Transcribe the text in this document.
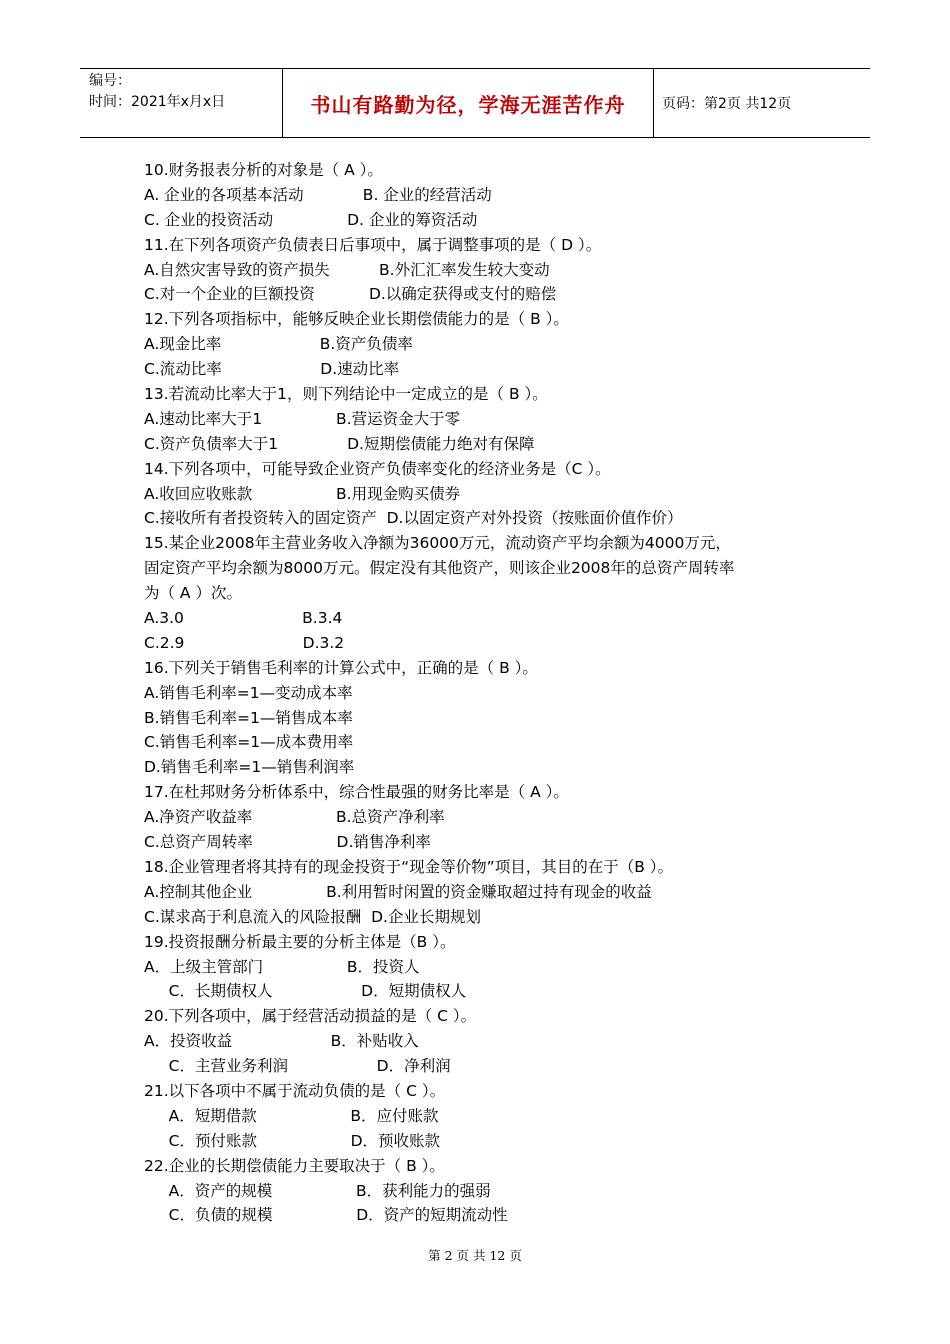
编号：
时间：2021年x月x日	书山有路勤为径，学海无涯苦作舟	页码：第2页 共12页
10.财务报表分析的对象是（ A ）。
A. 企业的各项基本活动            B. 企业的经营活动
C. 企业的投资活动               D. 企业的筹资活动
11.在下列各项资产负债表日后事项中，属于调整事项的是（ D ）。
A.自然灾害导致的资产损失          B.外汇汇率发生较大变动
C.对一个企业的巨额投资           D.以确定获得或支付的赔偿
12.下列各项指标中，能够反映企业长期偿债能力的是（ B ）。
A.现金比率                    B.资产负债率
C.流动比率                    D.速动比率
13.若流动比率大于1，则下列结论中一定成立的是（ B ）。
A.速动比率大于1               B.营运资金大于零
C.资产负债率大于1              D.短期偿债能力绝对有保障
14.下列各项中，可能导致企业资产负债率变化的经济业务是（C ）。
A.收回应收账款                 B.用现金购买债券
C.接收所有者投资转入的固定资产  D.以固定资产对外投资（按账面价值作价）
15.某企业2008年主营业务收入净额为36000万元，流动资产平均余额为4000万元，
固定资产平均余额为8000万元。假定没有其他资产，则该企业2008年的总资产周转率
为（ A ）次。
A.3.0                        B.3.4
C.2.9                        D.3.2
16.下列关于销售毛利率的计算公式中，正确的是（ B ）。
A.销售毛利率=1—变动成本率
B.销售毛利率=1—销售成本率
C.销售毛利率=1—成本费用率
D.销售毛利率=1—销售利润率
17.在杜邦财务分析体系中，综合性最强的财务比率是（ A ）。
A.净资产收益率                 B.总资产净利率
C.总资产周转率                 D.销售净利率
18.企业管理者将其持有的现金投资于“现金等价物”项目，其目的在于（B ）。
A.控制其他企业               B.利用暂时闲置的资金赚取超过持有现金的收益
C.谋求高于利息流入的风险报酬  D.企业长期规划
19.投资报酬分析最主要的分析主体是（B ）。
A．上级主管部门                 B．投资人
C．长期债权人                  D．短期债权人
20.下列各项中，属于经营活动损益的是（ C ）。
A．投资收益                    B．补贴收入
C．主营业务利润                  D．净利润
21.以下各项中不属于流动负债的是（ C ）。
A．短期借款                   B．应付账款
C．预付账款                   D．预收账款
22.企业的长期偿债能力主要取决于（ B ）。
A．资产的规模                 B．获利能力的强弱
C．负债的规模                 D．资产的短期流动性
第 2 页 共 12 页
